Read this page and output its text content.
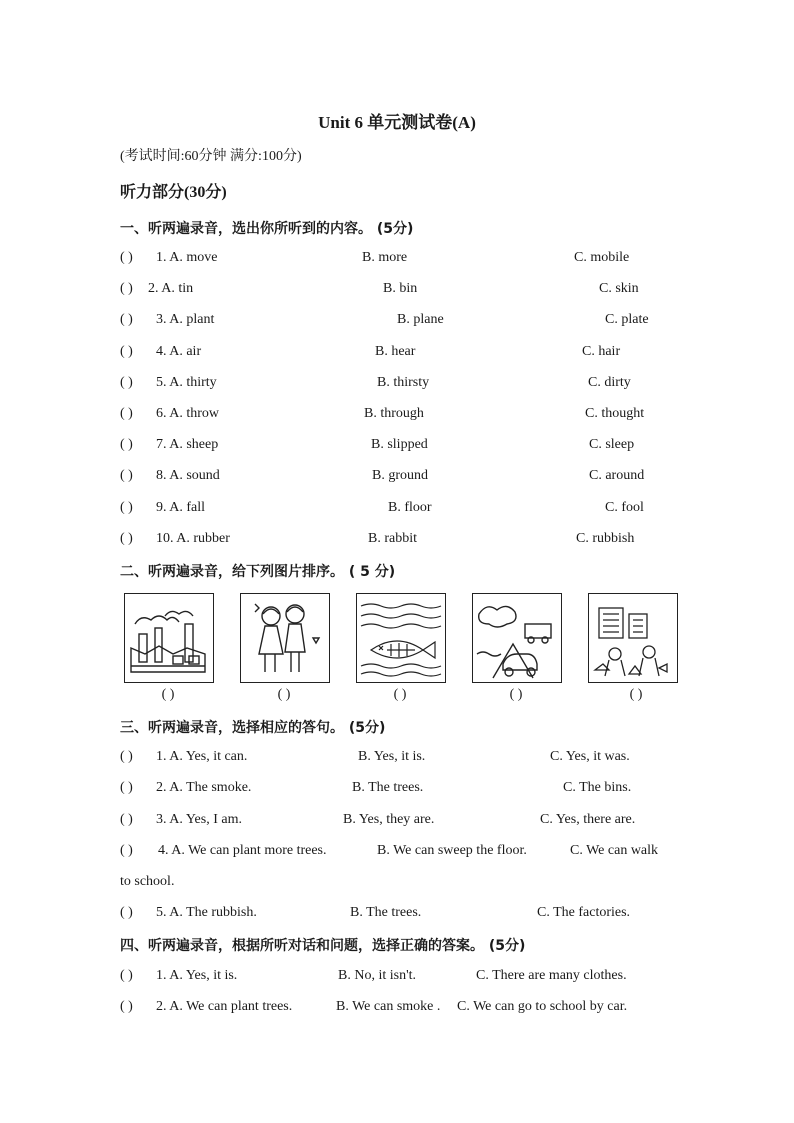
Unit 6 单元测试卷(A)
(考试时间:60分钟 满分:100分)
听力部分(30分)
一、听两遍录音，选出你所听到的内容。 (5分)
( ) 1. A. move	B. more	C. mobile
( ) 2. A. tin	B. bin	C. skin
( ) 3. A. plant	B. plane	C. plate
( ) 4. A. air	B. hear	C. hair
( ) 5. A. thirty	B. thirsty	C. dirty
( ) 6. A. throw	B. through	C. thought
( ) 7. A. sheep	B. slipped	C. sleep
( ) 8. A. sound	B. ground	C. around
( ) 9. A. fall	B. floor	C. fool
( ) 10. A. rubber	B. rabbit	C. rubbish
二、听两遍录音，给下列图片排序。 ( 5 分)
( )	( )	( )	( )	( )
三、听两遍录音，选择相应的答句。 (5分)
( ) 1. A. Yes, it can.	B. Yes, it is.	C. Yes, it was.
( ) 2. A. The smoke.	B. The trees.	C. The bins.
( ) 3. A. Yes, I am.	B. Yes, they are.	C. Yes, there are.
( ) 4. A. We can plant more trees.	B. We can sweep the floor.	C. We can walk
to school.
( ) 5. A. The rubbish.	B. The trees.	C. The factories.
四、听两遍录音，根据所听对话和问题，选择正确的答案。 (5分)
( ) 1. A. Yes, it is.	B. No, it isn't.	C. There are many clothes.
( ) 2. A. We can plant trees.	B. We can smoke . C. We can go to school by car.
